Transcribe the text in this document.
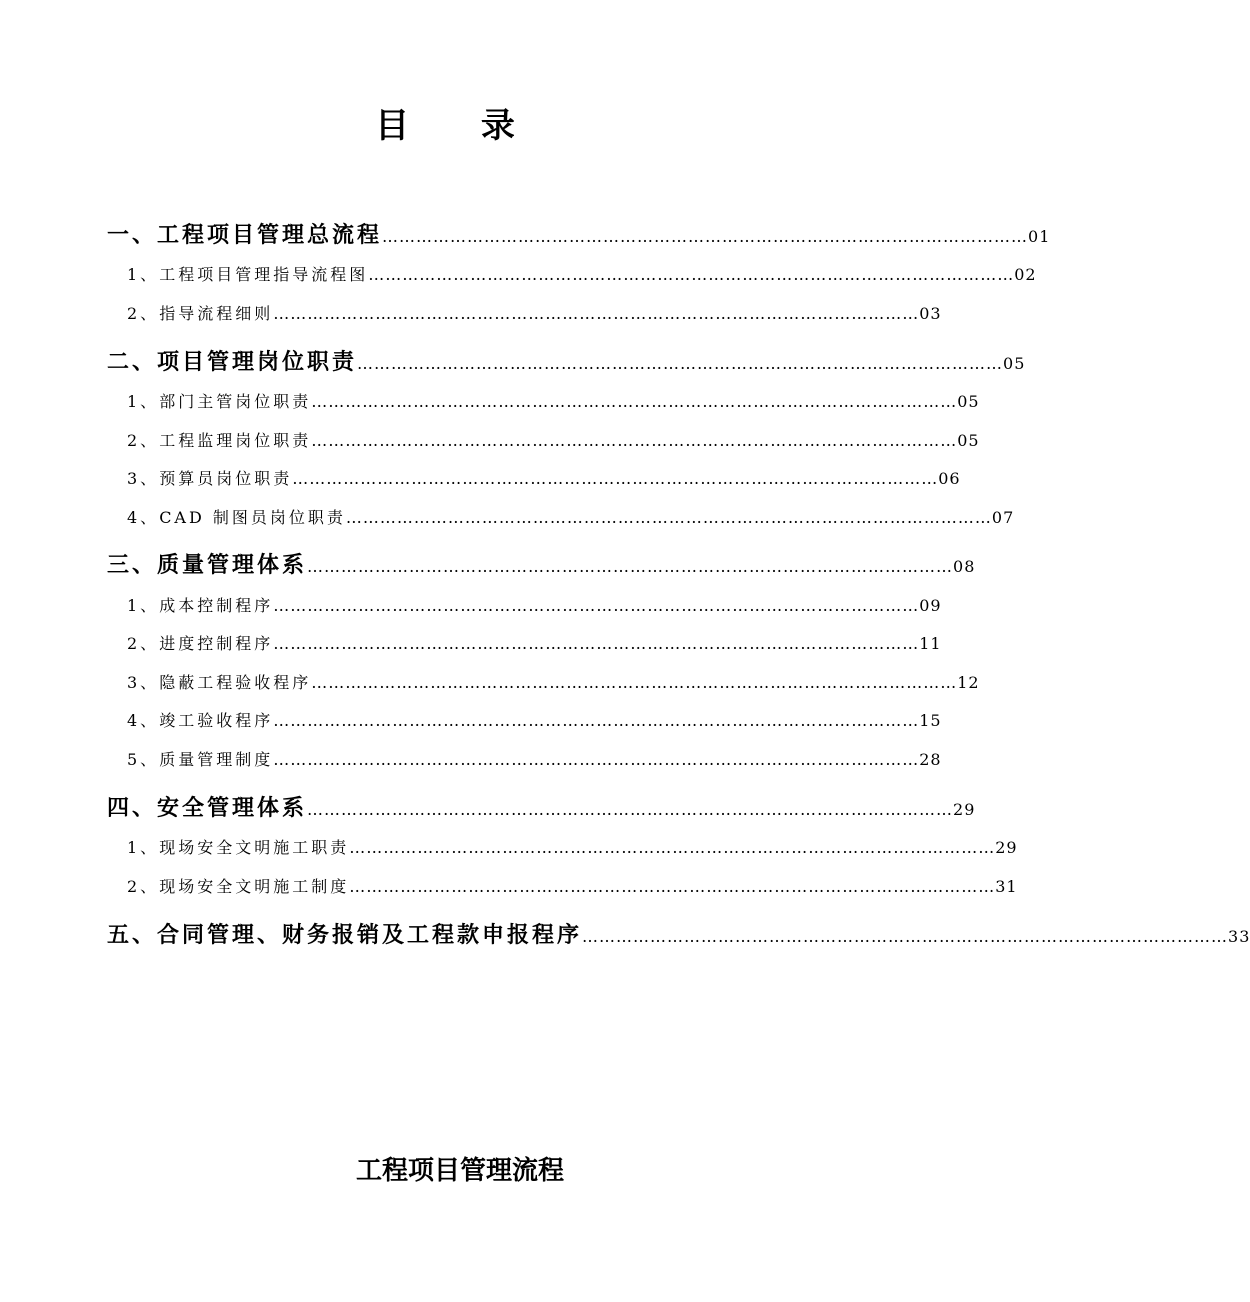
目 录
一、 工程项目管理总流程 …………………………………………………………………………………………………… 01
1、 工程项目管理指导流程图 …………………………………………………………………………………………………… 02
2、 指导流程细则 …………………………………………………………………………………………………… 03
二、 项目管理岗位职责 …………………………………………………………………………………………………… 05
1、 部门主管岗位职责 …………………………………………………………………………………………………… 05
2、 工程监理岗位职责 …………………………………………………………………………………………………… 05
3、 预算员岗位职责 …………………………………………………………………………………………………… 06
4、 CAD 制图员岗位职责 …………………………………………………………………………………………………… 07
三、 质量管理体系 …………………………………………………………………………………………………… 08
1、 成本控制程序 …………………………………………………………………………………………………… 09
2、 进度控制程序 …………………………………………………………………………………………………… 11
3、 隐蔽工程验收程序 …………………………………………………………………………………………………… 12
4、 竣工验收程序 …………………………………………………………………………………………………… 15
5、 质量管理制度 …………………………………………………………………………………………………… 28
四、 安全管理体系 …………………………………………………………………………………………………… 29
1、 现场安全文明施工职责 …………………………………………………………………………………………………… 29
2、 现场安全文明施工制度 …………………………………………………………………………………………………… 31
五、 合同管理、财务报销及工程款申报程序 …………………………………………………………………………………………………… 33
工程项目管理流程
